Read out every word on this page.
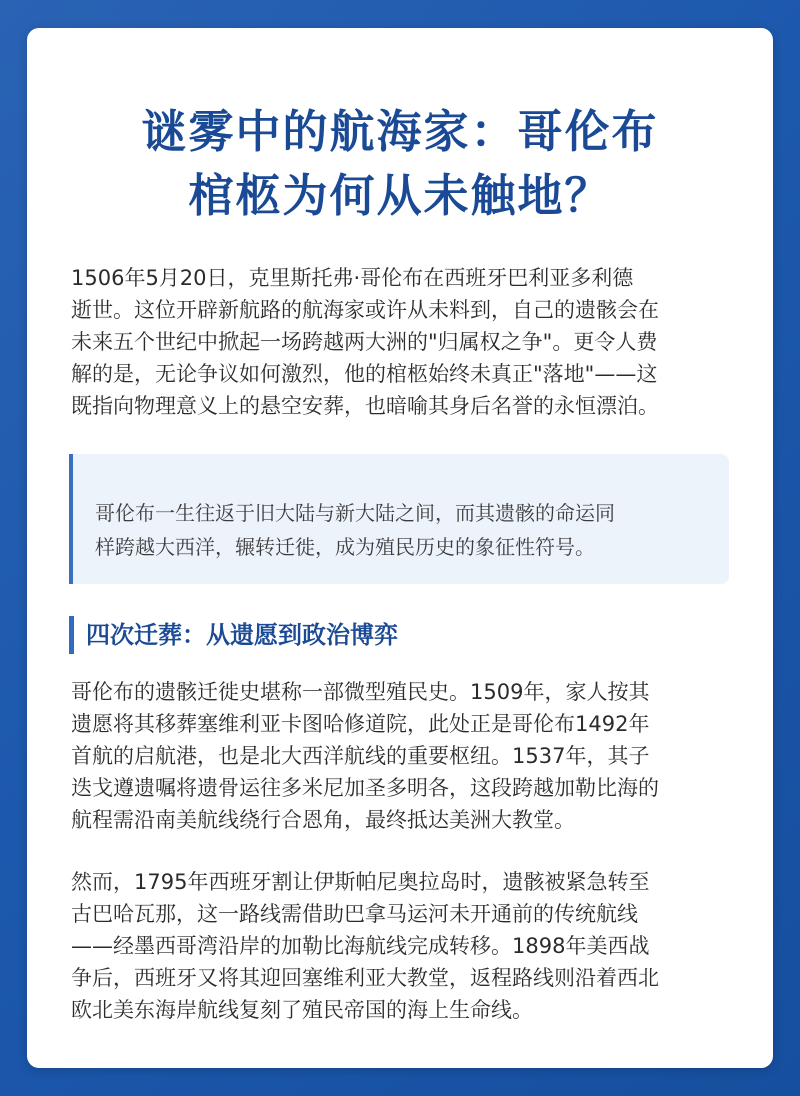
谜雾中的航海家：哥伦布
棺柩为何从未触地？

1506年5月20日，克里斯托弗·哥伦布在西班牙巴利亚多利德
逝世。这位开辟新航路的航海家或许从未料到，自己的遗骸会在
未来五个世纪中掀起一场跨越两大洲的"归属权之争"。更令人费
解的是，无论争议如何激烈，他的棺柩始终未真正"落地"——这
既指向物理意义上的悬空安葬，也暗喻其身后名誉的永恒漂泊。

哥伦布一生往返于旧大陆与新大陆之间，而其遗骸的命运同
样跨越大西洋，辗转迁徙，成为殖民历史的象征性符号。

四次迁葬：从遗愿到政治博弈

哥伦布的遗骸迁徙史堪称一部微型殖民史。1509年，家人按其
遗愿将其移葬塞维利亚卡图哈修道院，此处正是哥伦布1492年
首航的启航港，也是北大西洋航线的重要枢纽。1537年，其子
迭戈遵遗嘱将遗骨运往多米尼加圣多明各，这段跨越加勒比海的
航程需沿南美航线绕行合恩角，最终抵达美洲大教堂。

然而，1795年西班牙割让伊斯帕尼奥拉岛时，遗骸被紧急转至
古巴哈瓦那，这一路线需借助巴拿马运河未开通前的传统航线
——经墨西哥湾沿岸的加勒比海航线完成转移。1898年美西战
争后，西班牙又将其迎回塞维利亚大教堂，返程路线则沿着西北
欧北美东海岸航线复刻了殖民帝国的海上生命线。
